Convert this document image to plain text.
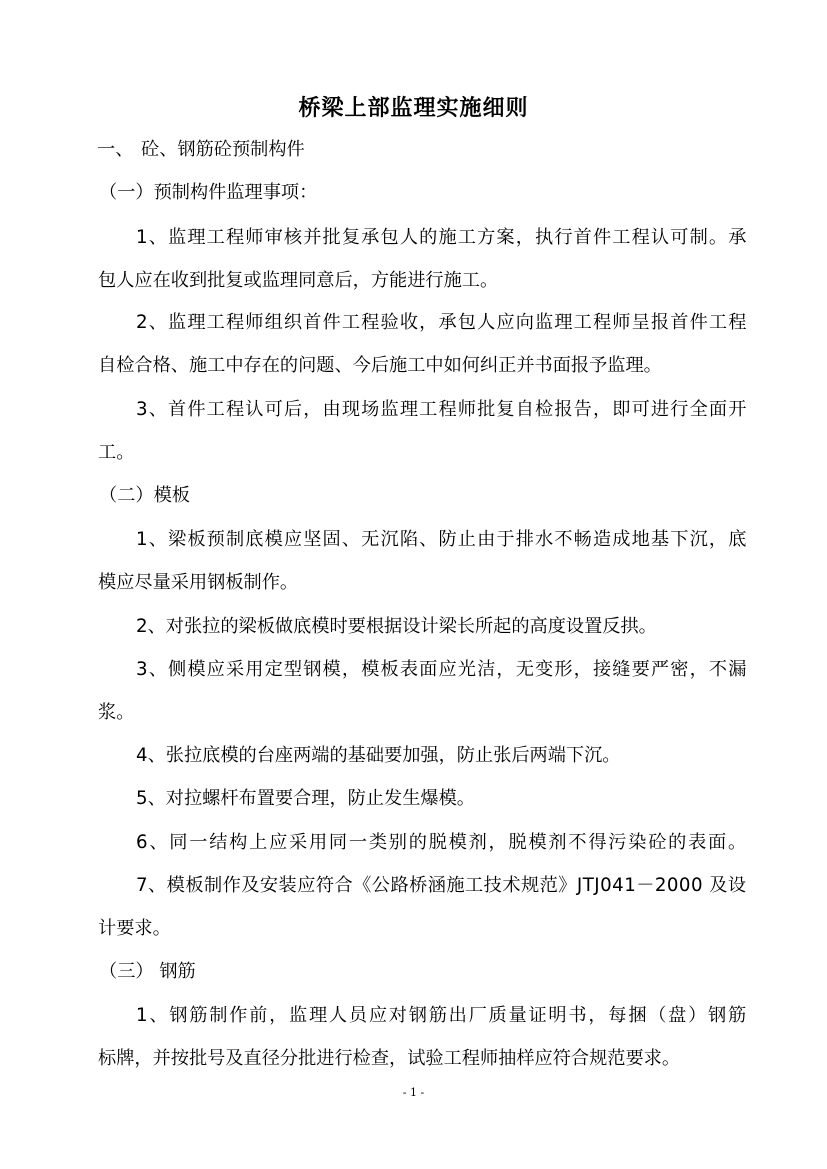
桥梁上部监理实施细则
一、 砼、钢筋砼预制构件
（一）预制构件监理事项：
1、监理工程师审核并批复承包人的施工方案，执行首件工程认可制。承
包人应在收到批复或监理同意后，方能进行施工。
2、监理工程师组织首件工程验收，承包人应向监理工程师呈报首件工程
自检合格、施工中存在的问题、今后施工中如何纠正并书面报予监理。
3、首件工程认可后，由现场监理工程师批复自检报告，即可进行全面开
工。
（二）模板
1、梁板预制底模应坚固、无沉陷、防止由于排水不畅造成地基下沉，底
模应尽量采用钢板制作。
2、对张拉的梁板做底模时要根据设计梁长所起的高度设置反拱。
3、侧模应采用定型钢模，模板表面应光洁，无变形，接缝要严密，不漏
浆。
4、张拉底模的台座两端的基础要加强，防止张后两端下沉。
5、对拉螺杆布置要合理，防止发生爆模。
6、同一结构上应采用同一类别的脱模剂，脱模剂不得污染砼的表面。
7、模板制作及安装应符合《公路桥涵施工技术规范》JTJ041－2000 及设
计要求。
（三） 钢筋
1、钢筋制作前，监理人员应对钢筋出厂质量证明书，每捆（盘）钢筋
标牌，并按批号及直径分批进行检查，试验工程师抽样应符合规范要求。
- 1 -
